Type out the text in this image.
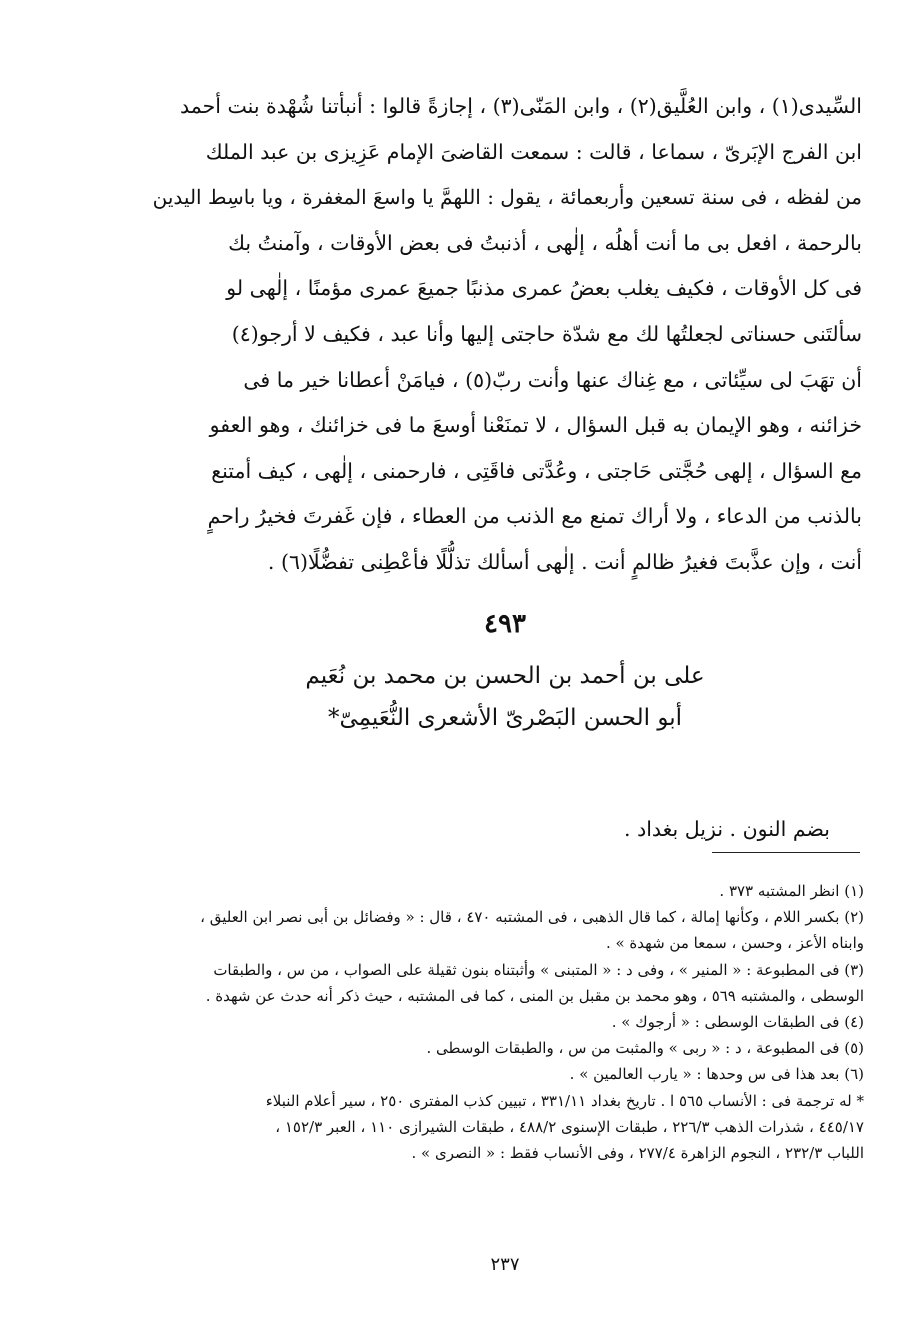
السِّيدى(١) ، وابن العُلَّيق(٢) ، وابن المَنّى(٣) ، إجازةً قالوا : أنبأتنا شُهْدة بنت أحمد
ابن الفرج الإبَرىّ ، سماعا ، قالت : سمعت القاضىَ الإمام عَزِيزى بن عبد الملك
من لفظه ، فى سنة تسعين وأربعمائة ، يقول : اللهمَّ يا واسعَ المغفرة ، ويا باسِط اليدين
بالرحمة ، افعل بى ما أنت أهلُه ، إلٰهى ، أذنبتُ فى بعض الأوقات ، وآمنتُ بك
فى كل الأوقات ، فكيف يغلب بعضُ عمرى مذنبًا جميعَ عمرى مؤمنًا ، إلٰهى لو
سألتَنى حسناتى لجعلتُها لك مع شدّة حاجتى إليها وأنا عبد ، فكيف لا أرجو(٤)
أن تهَبَ لى سيِّئاتى ، مع غِناك عنها وأنت ربّ(٥) ، فيامَنْ أعطانا خير ما فى
خزائنه ، وهو الإيمان به قبل السؤال ، لا تمنَعْنا أوسعَ ما فى خزائنك ، وهو العفو
مع السؤال ، إلهى حُجَّتى حَاجتى ، وعُدَّتى فاقَتِى ، فارحمنى ، إلٰهى ، كيف أمتنع
بالذنب من الدعاء ، ولا أراك تمنع مع الذنب من العطاء ، فإن غَفرتَ فخيرُ راحمٍ
أنت ، وإن عذَّبتَ فغيرُ ظالمٍ أنت . إلٰهى أسألك تذلُّلًا فأعْطِنى تفضُّلًا(٦) .
٤٩٣
على بن أحمد بن الحسن بن محمد بن نُعَيم
أبو الحسن البَصْرىّ الأشعرى النُّعَيمِىّ*
بضم النون . نزيل بغداد .
(١) انظر المشتبه ٣٧٣ .
(٢) بكسر اللام ، وكأنها إمالة ، كما قال الذهبى ، فى المشتبه ٤٧٠ ، قال : « وفضائل بن أبى نصر ابن العليق ،
وابناه الأعز ، وحسن ، سمعا من شهدة » .
(٣) فى المطبوعة : « المنير » ، وفى د : « المتبنى » وأثبتناه بنون ثقيلة على الصواب ، من س ، والطبقات
الوسطى ، والمشتبه ٥٦٩ ، وهو محمد بن مقبل بن المنى ، كما فى المشتبه ، حيث ذكر أنه حدث عن شهدة .
(٤) فى الطبقات الوسطى : « أرجوك » .
(٥) فى المطبوعة ، د : « ربى » والمثبت من س ، والطبقات الوسطى .
(٦) بعد هذا فى س وحدها : « يارب العالمين » .
* له ترجمة فى : الأنساب ٥٦٥ ا . تاريخ بغداد ٣٣١/١١ ، تبيين كذب المفترى ٢٥٠ ، سير أعلام النبلاء
٤٤٥/١٧ ، شذرات الذهب ٢٢٦/٣ ، طبقات الإسنوى ٤٨٨/٢ ، طبقات الشيرازى ١١٠ ، العبر ١٥٢/٣ ،
اللباب ٢٣٢/٣ ، النجوم الزاهرة ٢٧٧/٤ ، وفى الأنساب فقط : « النصرى » .
٢٣٧
